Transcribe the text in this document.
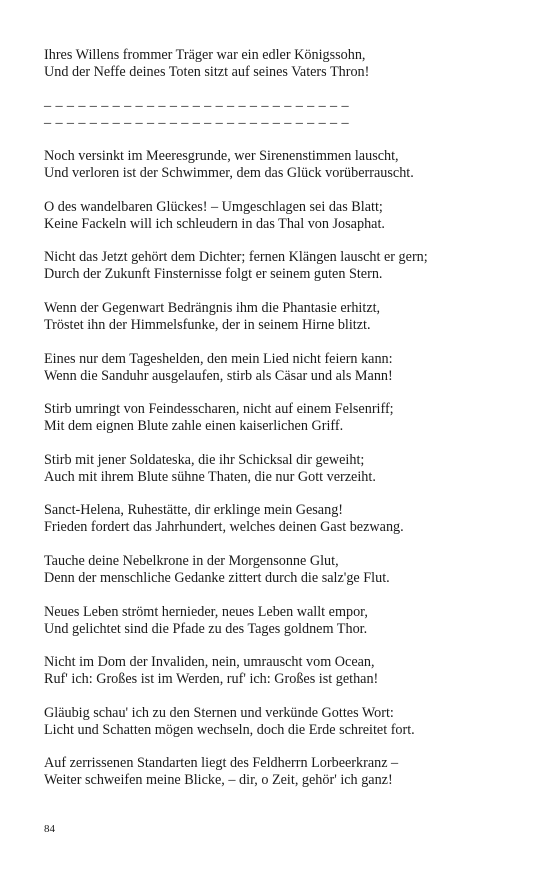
Ihres Willens frommer Träger war ein edler Königssohn,
Und der Neffe deines Toten sitzt auf seines Vaters Thron!
– – – – – – – – – – – – – – – – – – – – – – – – – – –
– – – – – – – – – – – – – – – – – – – – – – – – – – –
Noch versinkt im Meeresgrunde, wer Sirenenstimmen lauscht,
Und verloren ist der Schwimmer, dem das Glück vorüberrauscht.
O des wandelbaren Glückes! – Umgeschlagen sei das Blatt;
Keine Fackeln will ich schleudern in das Thal von Josaphat.
Nicht das Jetzt gehört dem Dichter; fernen Klängen lauscht er gern;
Durch der Zukunft Finsternisse folgt er seinem guten Stern.
Wenn der Gegenwart Bedrängnis ihm die Phantasie erhitzt,
Tröstet ihn der Himmelsfunke, der in seinem Hirne blitzt.
Eines nur dem Tageshelden, den mein Lied nicht feiern kann:
Wenn die Sanduhr ausgelaufen, stirb als Cäsar und als Mann!
Stirb umringt von Feindesscharen, nicht auf einem Felsenriff;
Mit dem eignen Blute zahle einen kaiserlichen Griff.
Stirb mit jener Soldateska, die ihr Schicksal dir geweiht;
Auch mit ihrem Blute sühne Thaten, die nur Gott verzeiht.
Sanct-Helena, Ruhestätte, dir erklinge mein Gesang!
Frieden fordert das Jahrhundert, welches deinen Gast bezwang.
Tauche deine Nebelkrone in der Morgensonne Glut,
Denn der menschliche Gedanke zittert durch die salz'ge Flut.
Neues Leben strömt hernieder, neues Leben wallt empor,
Und gelichtet sind die Pfade zu des Tages goldnem Thor.
Nicht im Dom der Invaliden, nein, umrauscht vom Ocean,
Ruf' ich: Großes ist im Werden, ruf' ich: Großes ist gethan!
Gläubig schau' ich zu den Sternen und verkünde Gottes Wort:
Licht und Schatten mögen wechseln, doch die Erde schreitet fort.
Auf zerrissenen Standarten liegt des Feldherrn Lorbeerkranz –
Weiter schweifen meine Blicke, – dir, o Zeit, gehör' ich ganz!
84
